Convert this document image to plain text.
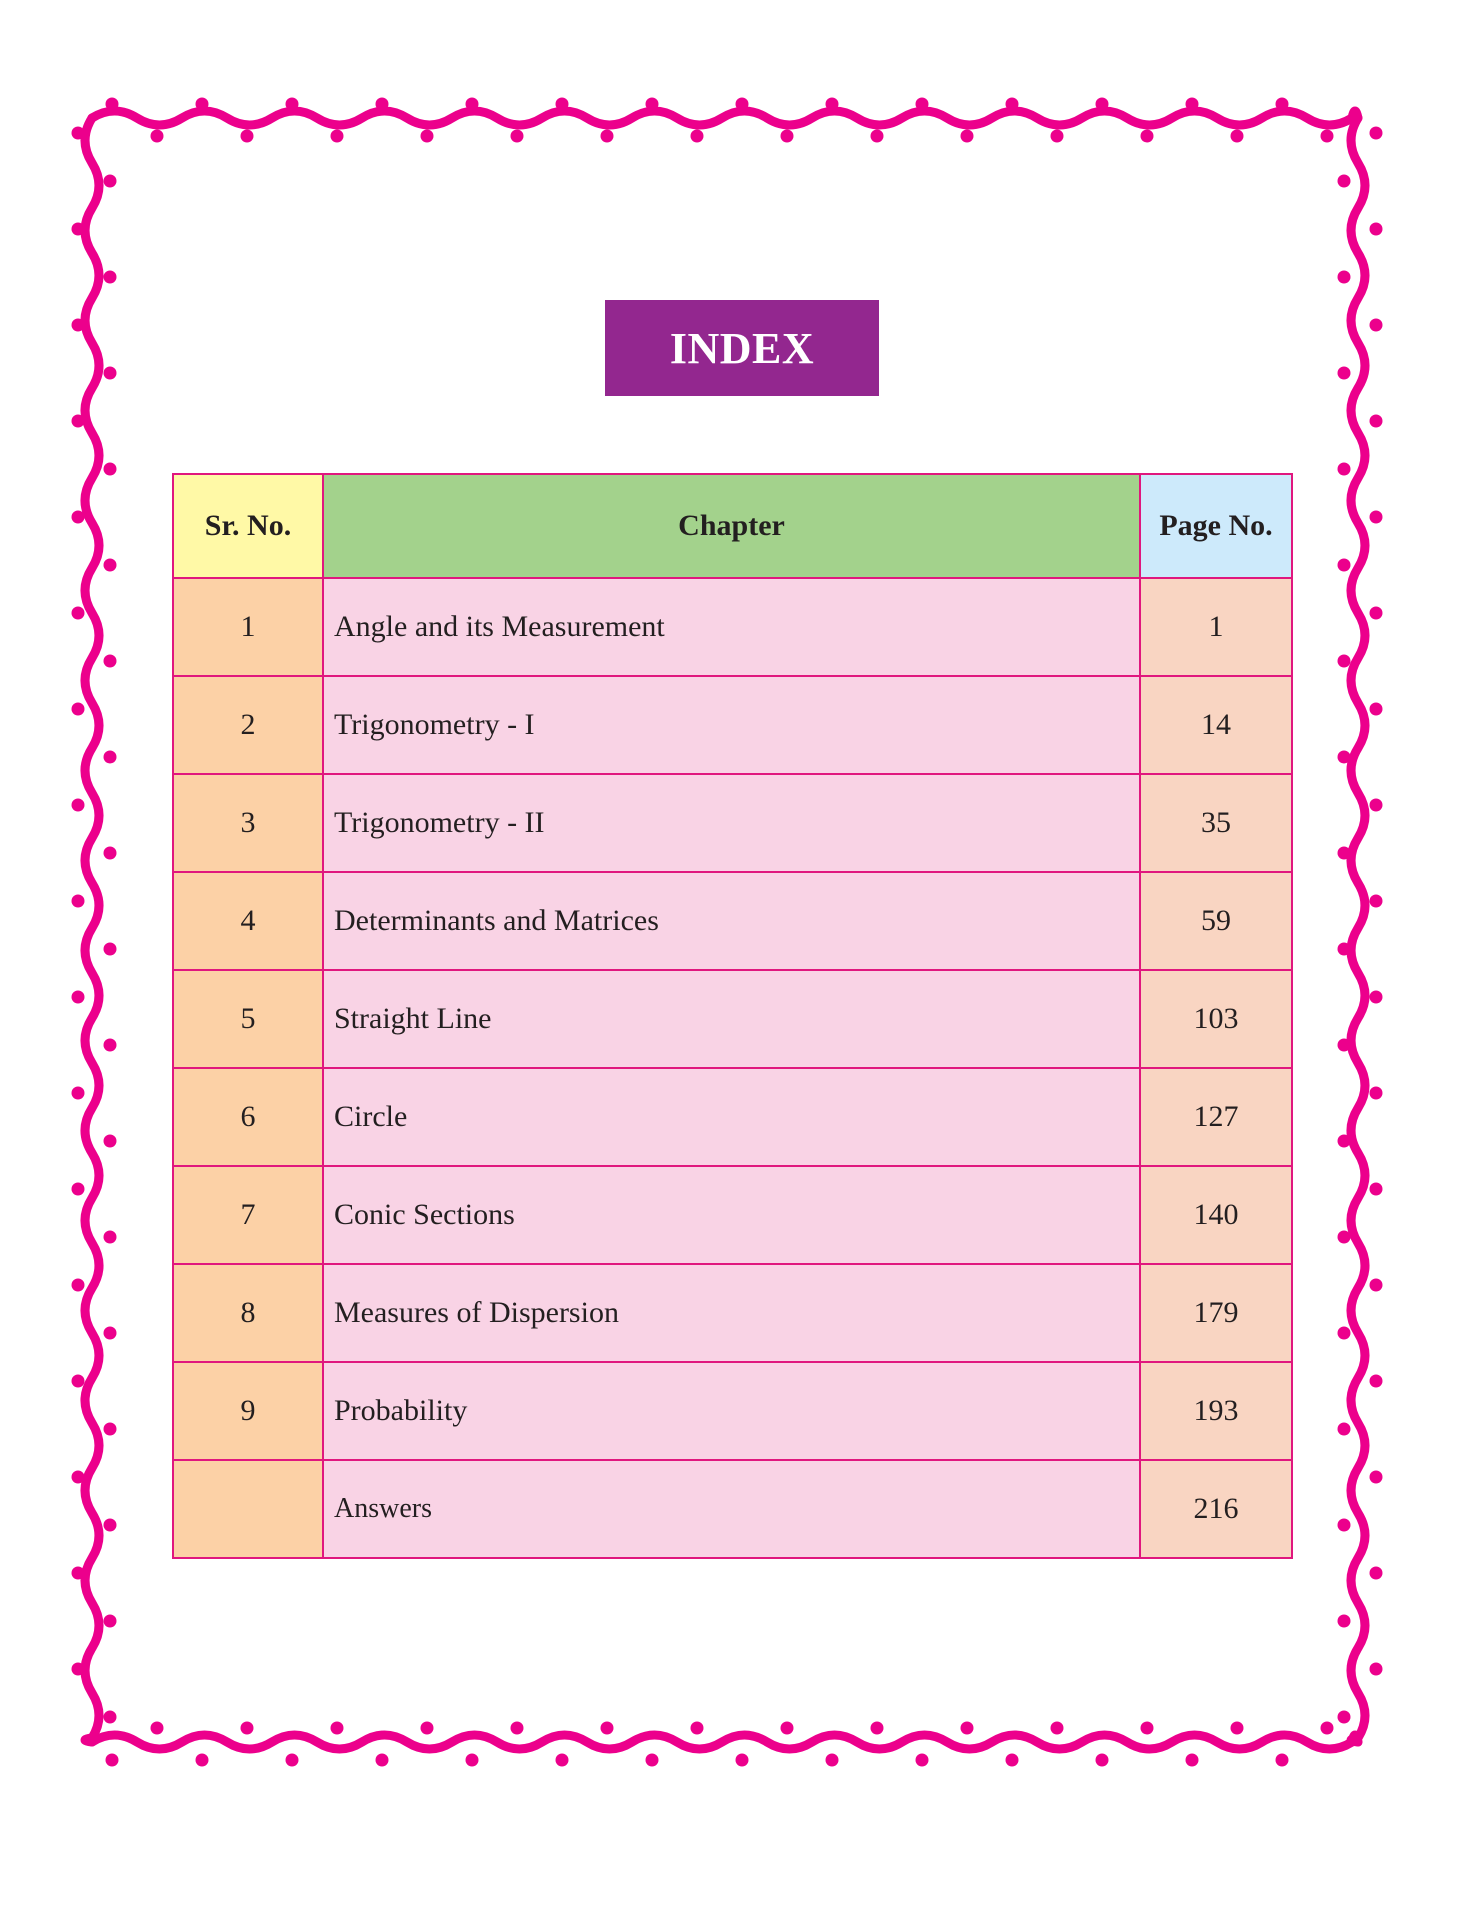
INDEX
Sr. No.	Chapter	Page No.
1	Angle and its Measurement	1
2	Trigonometry - I	14
3	Trigonometry - II	35
4	Determinants and Matrices	59
5	Straight Line	103
6	Circle	127
7	Conic Sections	140
8	Measures of Dispersion	179
9	Probability	193
	Answers	216
